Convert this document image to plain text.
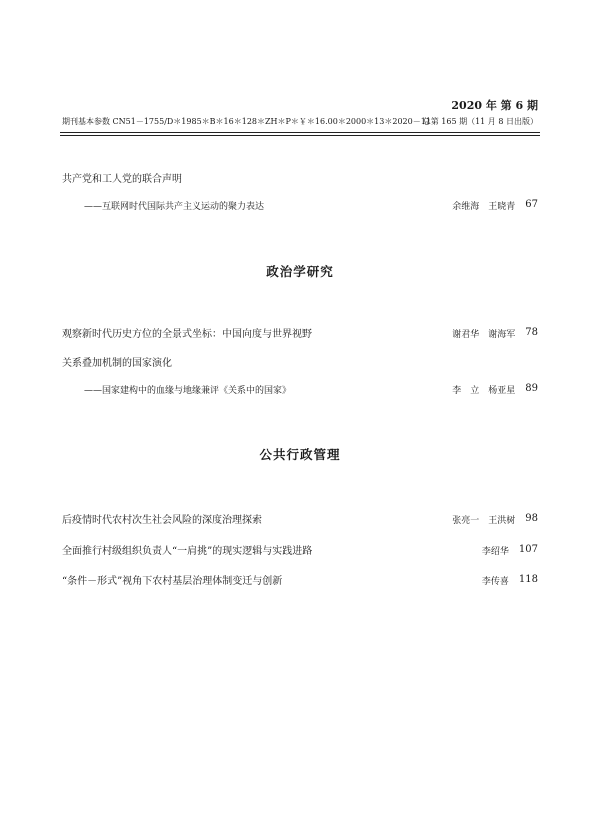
2020 年 第 6 期
期刊基本参数 CN51－1755/D＊1985＊B＊16＊128＊ZH＊P＊￥＊16.00＊2000＊13＊2020－11
总第 165 期（11 月 8 日出版）
共产党和工人党的联合声明
——互联网时代国际共产主义运动的聚力表达	余维海　王晓青 67
政治学研究
观察新时代历史方位的全景式坐标：中国向度与世界视野	谢君华　谢海军 78
关系叠加机制的国家演化
——国家建构中的血缘与地缘兼评《关系中的国家》	李　立　杨亚星 89
公共行政管理
后疫情时代农村次生社会风险的深度治理探索	张亮一　王洪树 98
全面推行村级组织负责人“一肩挑”的现实逻辑与实践进路	李绍华 107
“条件－形式”视角下农村基层治理体制变迁与创新	李传喜 118
